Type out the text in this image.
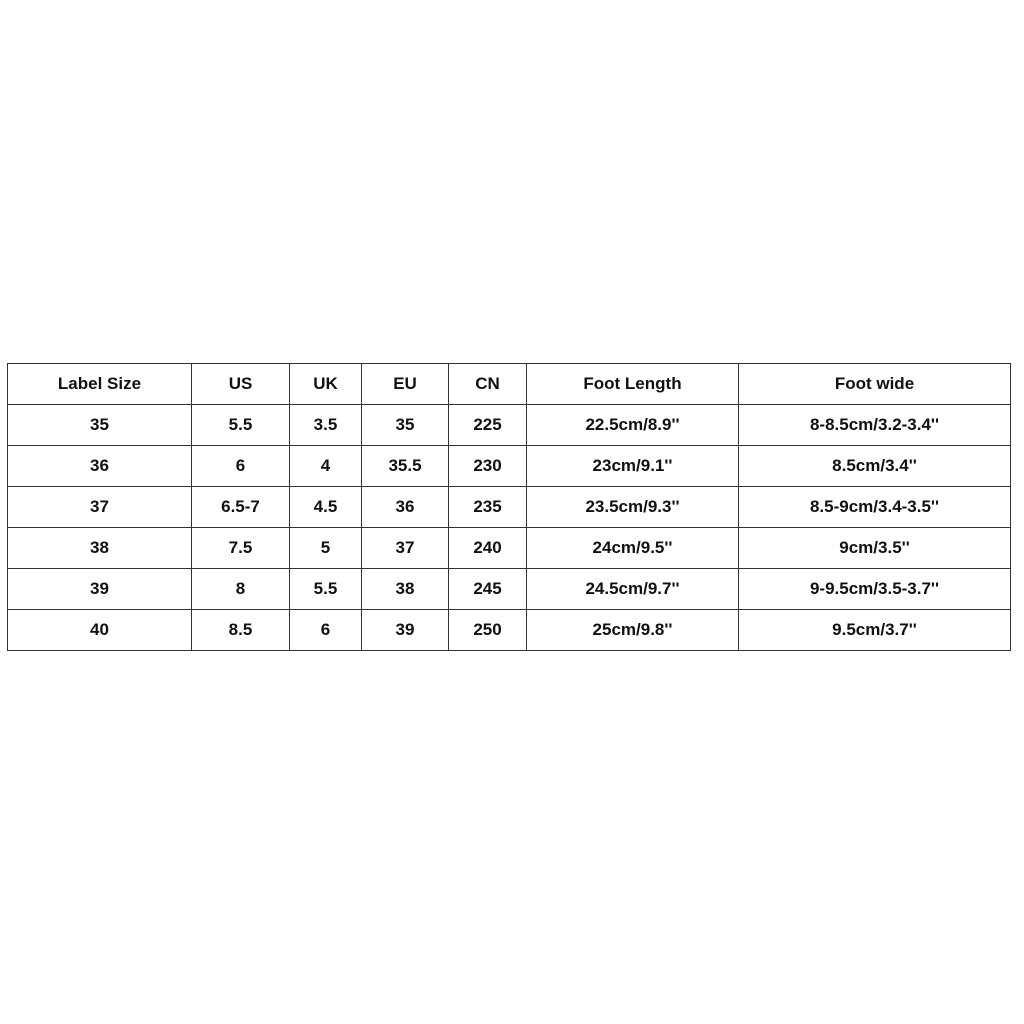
Label Size	US	UK	EU	CN	Foot Length	Foot wide
35	5.5	3.5	35	225	22.5cm/8.9''	8-8.5cm/3.2-3.4''
36	6	4	35.5	230	23cm/9.1''	8.5cm/3.4''
37	6.5-7	4.5	36	235	23.5cm/9.3''	8.5-9cm/3.4-3.5''
38	7.5	5	37	240	24cm/9.5''	9cm/3.5''
39	8	5.5	38	245	24.5cm/9.7''	9-9.5cm/3.5-3.7''
40	8.5	6	39	250	25cm/9.8''	9.5cm/3.7''
